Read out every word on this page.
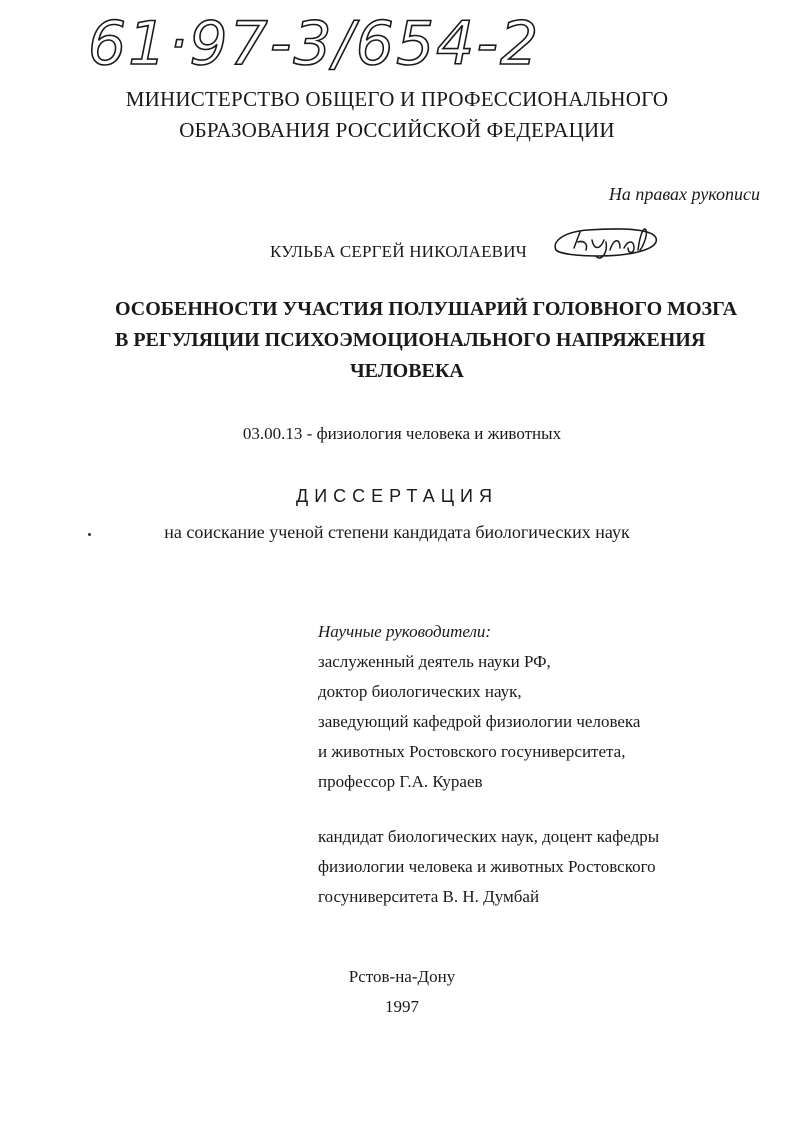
61·97-3/654-2
МИНИСТЕРСТВО ОБЩЕГО И ПРОФЕССИОНАЛЬНОГО
ОБРАЗОВАНИЯ РОССИЙСКОЙ ФЕДЕРАЦИИ
На правах рукописи
КУЛЬБА СЕРГЕЙ НИКОЛАЕВИЧ
ОСОБЕННОСТИ УЧАСТИЯ ПОЛУШАРИЙ ГОЛОВНОГО МОЗГА
В РЕГУЛЯЦИИ ПСИХОЭМОЦИОНАЛЬНОГО НАПРЯЖЕНИЯ
ЧЕЛОВЕКА
03.00.13 - физиология человека и животных
ДИССЕРТАЦИЯ
на соискание ученой степени кандидата биологических наук
Научные руководители:
заслуженный деятель науки РФ,
доктор биологических наук,
заведующий кафедрой физиологии человека
и животных Ростовского госуниверситета,
профессор Г.А. Кураев
кандидат биологических наук, доцент кафедры
физиологии человека и животных Ростовского
госуниверситета В. Н. Думбай
Рстов-на-Дону
1997
